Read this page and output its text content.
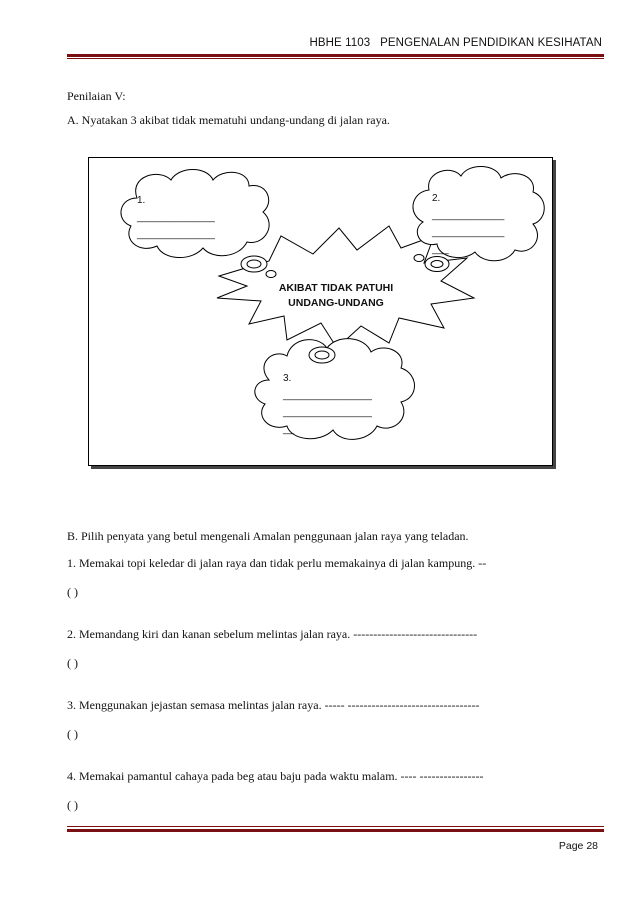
HBHE 1103   PENGENALAN PENDIDIKAN KESIHATAN
Penilaian V:
A. Nyatakan 3 akibat tidak mematuhi undang-undang di jalan raya.
AKIBAT TIDAK PATUHI
UNDANG-UNDANG
1.
______________
______________
2.
_____________
_____________
___
3.
________________
________________
__
B. Pilih penyata yang betul mengenali Amalan penggunaan jalan raya yang teladan.
1. Memakai topi keledar di jalan raya dan tidak perlu memakainya di jalan kampung. --
( )
2. Memandang kiri dan kanan sebelum melintas jalan raya. -------------------------------
( )
3. Menggunakan jejastan semasa melintas jalan raya. ----- ---------------------------------
( )
4. Memakai pamantul cahaya pada beg atau baju pada waktu malam. ---- ----------------
( )
Page 28
